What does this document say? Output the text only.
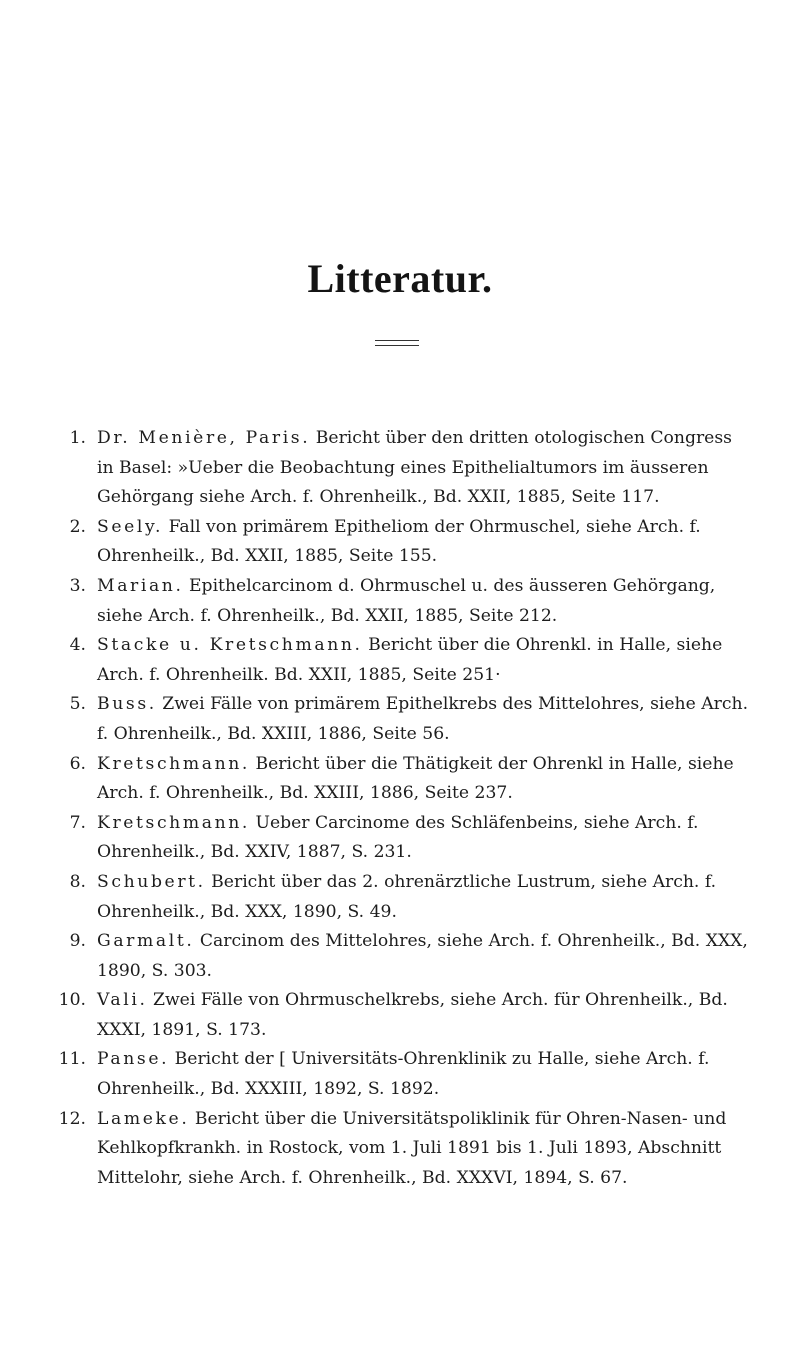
Litteratur.
1 . Dr. Menière, Paris. Bericht über den dritten otologischen Congress in Basel: »Ueber die Beobachtung eines Epithelialtumors im äusseren Gehörgang siehe Arch. f. Ohrenheilk., Bd. XXII, 1885, Seite 117.
2 . Seely. Fall von primärem Epitheliom der Ohrmuschel, siehe Arch. f. Ohrenheilk., Bd. XXII, 1885, Seite 155.
3 . Marian. Epithelcarcinom d. Ohrmuschel u. des äusseren Gehörgang, siehe Arch. f. Ohrenheilk., Bd. XXII, 1885, Seite 212.
4 . Stacke u. Kretschmann. Bericht über die Ohrenkl. in Halle, siehe Arch. f. Ohrenheilk. Bd. XXII, 1885, Seite 251·
5 . Buss. Zwei Fälle von primärem Epithelkrebs des Mittelohres, siehe Arch. f. Ohrenheilk., Bd. XXIII, 1886, Seite 56.
6 . Kretschmann. Bericht über die Thätigkeit der Ohrenkl in Halle, siehe Arch. f. Ohrenheilk., Bd. XXIII, 1886, Seite 237.
7 . Kretschmann. Ueber Carcinome des Schläfenbeins, siehe Arch. f. Ohrenheilk., Bd. XXIV, 1887, S. 231.
8 . Schubert. Bericht über das 2. ohrenärztliche Lustrum, siehe Arch. f. Ohrenheilk., Bd. XXX, 1890, S. 49.
9 . Garmalt. Carcinom des Mittelohres, siehe Arch. f. Ohrenheilk., Bd. XXX, 1890, S. 303.
10 . Vali. Zwei Fälle von Ohrmuschelkrebs, siehe Arch. für Ohrenheilk., Bd. XXXI, 1891, S. 173.
11 . Panse. Bericht der [ Universitäts-Ohrenklinik zu Halle, siehe Arch. f. Ohrenheilk., Bd. XXXIII, 1892, S. 1892.
12 . Lameke. Bericht über die Universitätspoliklinik für Ohren-Nasen- und Kehlkopfkrankh. in Rostock, vom 1. Juli 1891 bis 1. Juli 1893, Abschnitt Mittelohr, siehe Arch. f. Ohrenheilk., Bd. XXXVI, 1894, S. 67.
